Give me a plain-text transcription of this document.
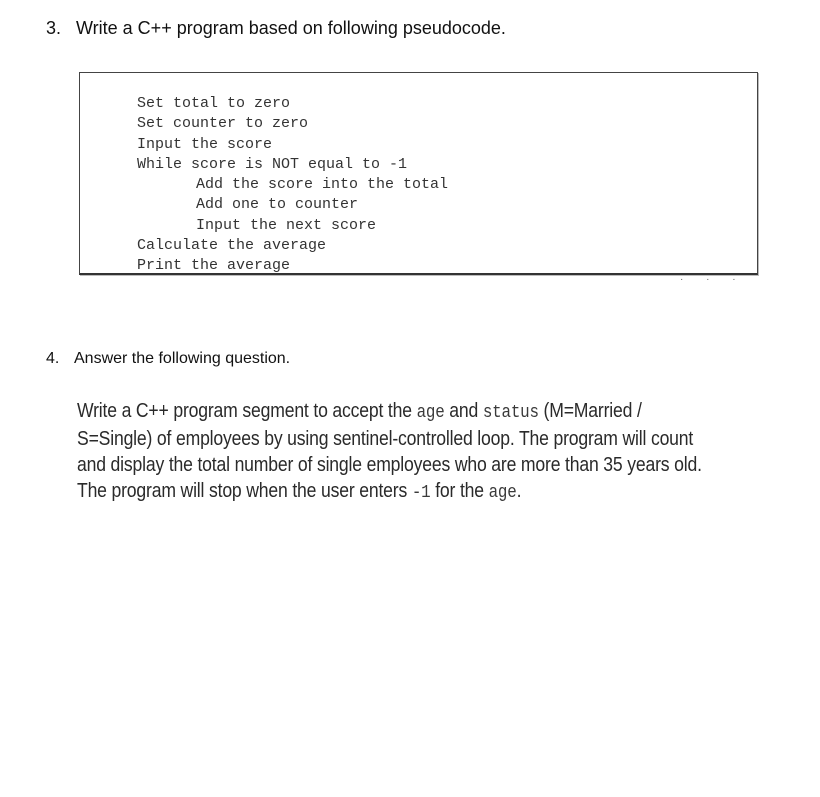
3. Write a C++ program based on following pseudocode.
Set total to zero
Set counter to zero
Input the score
While score is NOT equal to -1
Add the score into the total
Add one to counter
Input the next score
Calculate the average
Print the average
· · ·
4. Answer the following question.
Write a C++ program segment to accept the age and status (M=Married / S=Single) of employees by using sentinel-controlled loop. The program will count and display the total number of single employees who are more than 35 years old. The program will stop when the user enters -1 for the age.
